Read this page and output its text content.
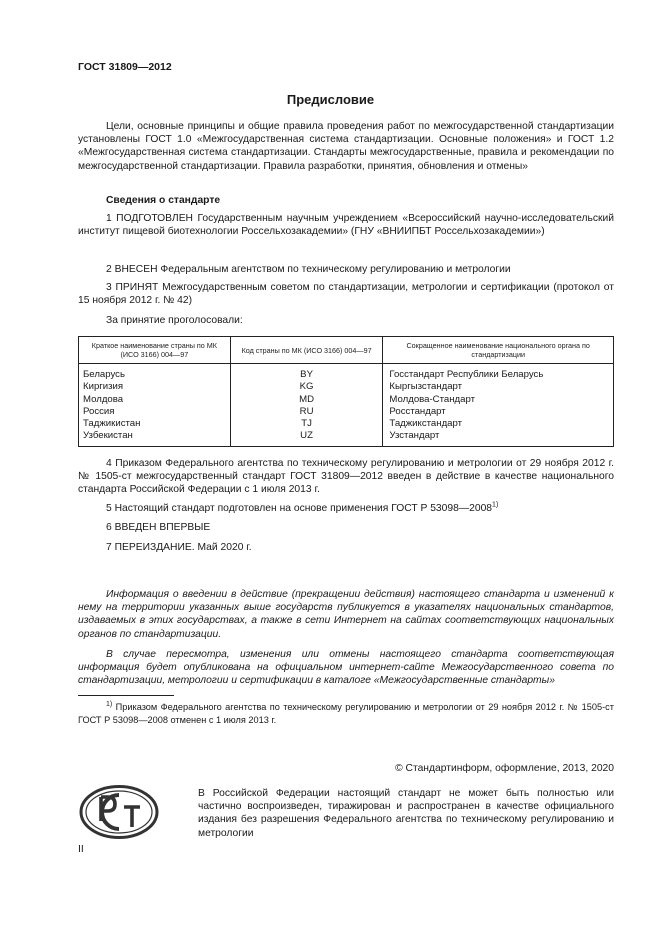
ГОСТ 31809—2012
Предисловие

Цели, основные принципы и общие правила проведения работ по межгосударственной стандартизации установлены ГОСТ 1.0 «Межгосударственная система стандартизации. Основные положения» и ГОСТ 1.2 «Межгосударственная система стандартизации. Стандарты межгосударственные, правила и рекомендации по межгосударственной стандартизации. Правила разработки, принятия, обновления и отмены»

Сведения о стандарте

1 ПОДГОТОВЛЕН Государственным научным учреждением «Всероссийский научно-исследовательский институт пищевой биотехнологии Россельхозакадемии» (ГНУ «ВНИИПБТ Россельхозакадемии»)

2 ВНЕСЕН Федеральным агентством по техническому регулированию и метрологии

3 ПРИНЯТ Межгосударственным советом по стандартизации, метрологии и сертификации (протокол от 15 ноября 2012 г. № 42)

За принятие проголосовали:

Краткое наименование страны по МК (ИСО 3166) 004—97	Код страны по МК (ИСО 3166) 004—97	Сокращенное наименование национального органа по стандартизации
Беларусь	BY	Госстандарт Республики Беларусь
Киргизия	KG	Кыргызстандарт
Молдова	MD	Молдова-Стандарт
Россия	RU	Росстандарт
Таджикистан	TJ	Таджикстандарт
Узбекистан	UZ	Узстандарт

4 Приказом Федерального агентства по техническому регулированию и метрологии от 29 ноября 2012 г. № 1505-ст межгосударственный стандарт ГОСТ 31809—2012 введен в действие в качестве национального стандарта Российской Федерации с 1 июля 2013 г.

5 Настоящий стандарт подготовлен на основе применения ГОСТ Р 53098—2008$^{1)}$

6 ВВЕДЕН ВПЕРВЫЕ

7 ПЕРЕИЗДАНИЕ. Май 2020 г.

Информация о введении в действие (прекращении действия) настоящего стандарта и изменений к нему на территории указанных выше государств публикуется в указателях национальных стандартов, издаваемых в этих государствах, а также в сети Интернет на сайтах соответствующих национальных органов по стандартизации.

В случае пересмотра, изменения или отмены настоящего стандарта соответствующая информация будет опубликована на официальном интернет-сайте Межгосударственного совета по стандартизации, метрологии и сертификации в каталоге «Межгосударственные стандарты»

$^{1)}$ Приказом Федерального агентства по техническому регулированию и метрологии от 29 ноября 2012 г. № 1505-ст ГОСТ Р 53098—2008 отменен с 1 июля 2013 г.

© Стандартинформ, оформление, 2013, 2020

В Российской Федерации настоящий стандарт не может быть полностью или частично воспроизведен, тиражирован и распространен в качестве официального издания без разрешения Федерального агентства по техническому регулированию и метрологии

II
